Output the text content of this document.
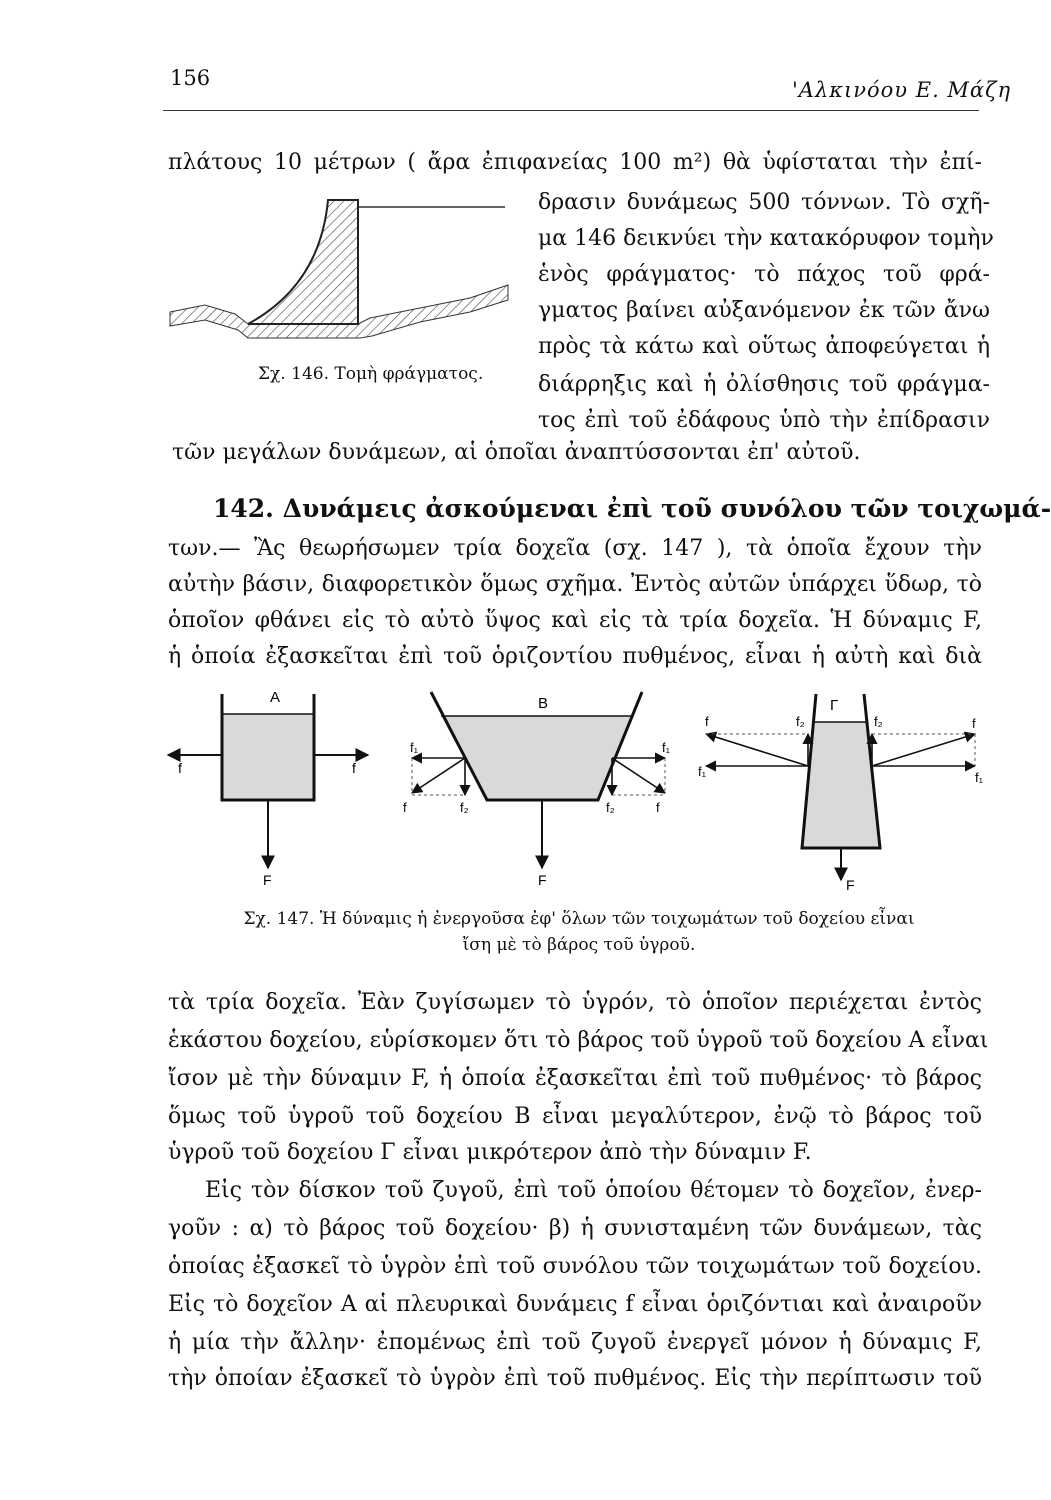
156	'Αλκινόου Ε. Μάζη
πλάτους 10 μέτρων ( ἄρα ἐπιφανείας 100 m²) θὰ ὑφίσταται τὴν ἐπί-
δρασιν δυνάμεως 500 τόννων. Τὸ σχῆ-
μα 146 δεικνύει τὴν κατακόρυφον τομὴν
ἑνὸς φράγματος· τὸ πάχος τοῦ φρά-
γματος βαίνει αὐξανόμενον ἐκ τῶν ἄνω
πρὸς τὰ κάτω καὶ οὕτως ἀποφεύγεται ἡ
διάρρηξις καὶ ἡ ὀλίσθησις τοῦ φράγμα-
τος ἐπὶ τοῦ ἐδάφους ὑπὸ τὴν ἐπίδρασιν
τῶν μεγάλων δυνάμεων, αἱ ὁποῖαι ἀναπτύσσονται ἐπ' αὐτοῦ.
Σχ. 146. Τομὴ φράγματος.
142. Δυνάμεις ἀσκούμεναι ἐπὶ τοῦ συνόλου τῶν τοιχωμά-
των.— Ἂς θεωρήσωμεν τρία δοχεῖα (σχ. 147 ), τὰ ὁποῖα ἔχουν τὴν
αὐτὴν βάσιν, διαφορετικὸν ὅμως σχῆμα. Ἐντὸς αὐτῶν ὑπάρχει ὕδωρ, τὸ
ὁποῖον φθάνει εἰς τὸ αὐτὸ ὕψος καὶ εἰς τὰ τρία δοχεῖα. Ἡ δύναμις F,
ἡ ὁποία ἐξασκεῖται ἐπὶ τοῦ ὁριζοντίου πυθμένος, εἶναι ἡ αὐτὴ καὶ διὰ
A
f	f
F
B
f₁
f	f₂
f₁
f₂	f
F
Γ
f
f₁
f₂	f₂	f
f₁
F
Σχ. 147. Ἡ δύναμις ἡ ἐνεργοῦσα ἐφ' ὅλων τῶν τοιχωμάτων τοῦ δοχείου εἶναι
ἴση μὲ τὸ βάρος τοῦ ὑγροῦ.
τὰ τρία δοχεῖα. Ἐὰν ζυγίσωμεν τὸ ὑγρόν, τὸ ὁποῖον περιέχεται ἐντὸς
ἑκάστου δοχείου, εὑρίσκομεν ὅτι τὸ βάρος τοῦ ὑγροῦ τοῦ δοχείου A εἶναι
ἴσον μὲ τὴν δύναμιν F, ἡ ὁποία ἐξασκεῖται ἐπὶ τοῦ πυθμένος· τὸ βάρος
ὅμως τοῦ ὑγροῦ τοῦ δοχείου B εἶναι μεγαλύτερον, ἐνῷ τὸ βάρος τοῦ
ὑγροῦ τοῦ δοχείου Γ εἶναι μικρότερον ἀπὸ τὴν δύναμιν F.
Εἰς τὸν δίσκον τοῦ ζυγοῦ, ἐπὶ τοῦ ὁποίου θέτομεν τὸ δοχεῖον, ἐνερ-
γοῦν : α) τὸ βάρος τοῦ δοχείου· β) ἡ συνισταμένη τῶν δυνάμεων, τὰς
ὁποίας ἐξασκεῖ τὸ ὑγρὸν ἐπὶ τοῦ συνόλου τῶν τοιχωμάτων τοῦ δοχείου.
Εἰς τὸ δοχεῖον A αἱ πλευρικαὶ δυνάμεις f εἶναι ὁριζόντιαι καὶ ἀναιροῦν
ἡ μία τὴν ἄλλην· ἐπομένως ἐπὶ τοῦ ζυγοῦ ἐνεργεῖ μόνον ἡ δύναμις F,
τὴν ὁποίαν ἐξασκεῖ τὸ ὑγρὸν ἐπὶ τοῦ πυθμένος. Εἰς τὴν περίπτωσιν τοῦ
